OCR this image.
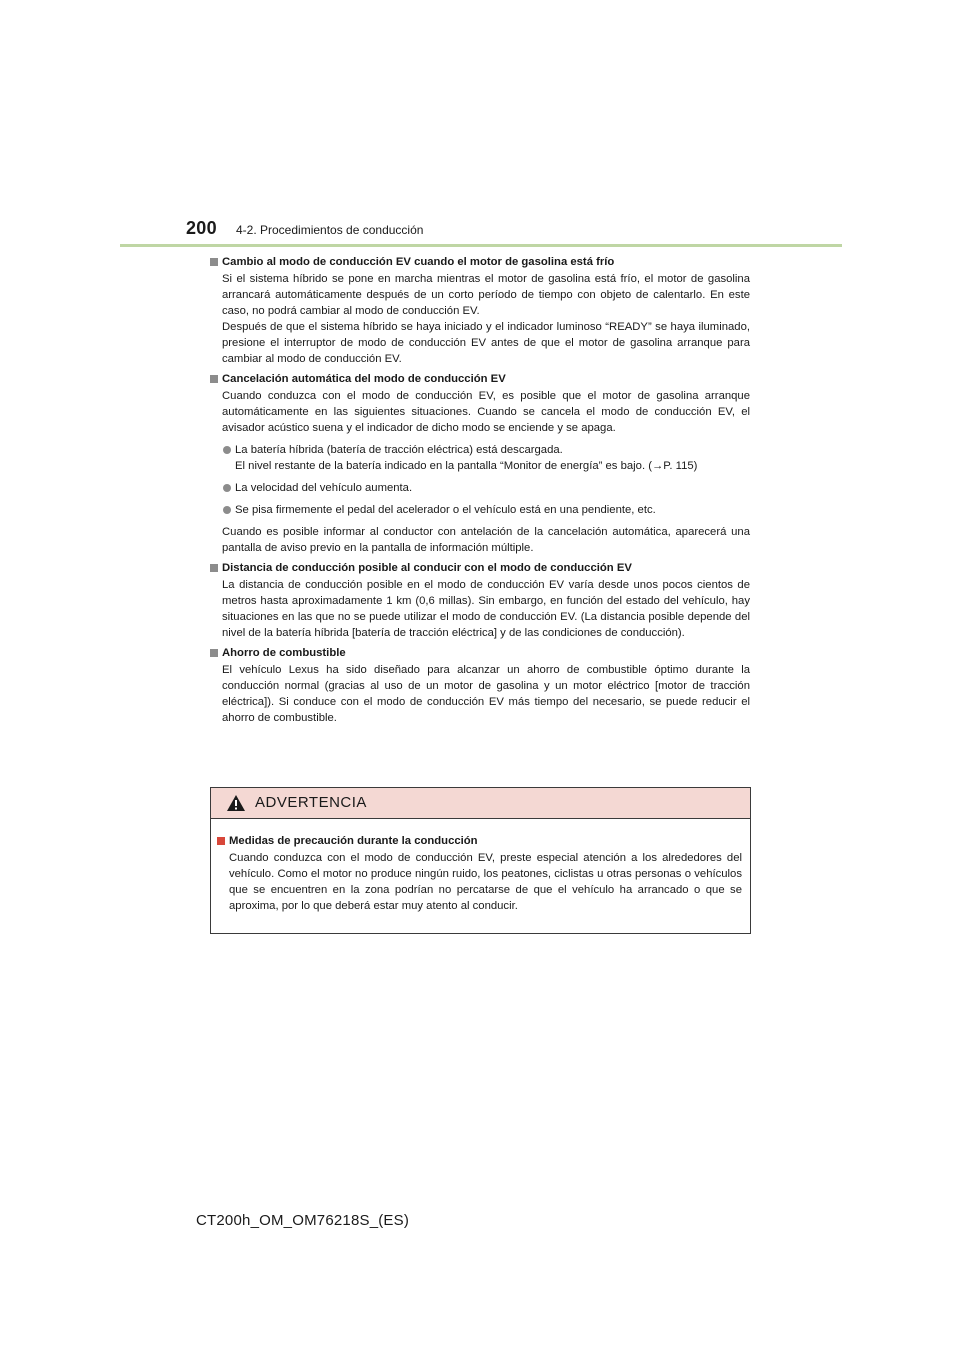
200 4-2. Procedimientos de conducción
Cambio al modo de conducción EV cuando el motor de gasolina está frío
Si el sistema híbrido se pone en marcha mientras el motor de gasolina está frío, el motor de gasolina arrancará automáticamente después de un corto período de tiempo con objeto de calentarlo. En este caso, no podrá cambiar al modo de conducción EV.
Después de que el sistema híbrido se haya iniciado y el indicador luminoso “READY” se haya iluminado, presione el interruptor de modo de conducción EV antes de que el motor de gasolina arranque para cambiar al modo de conducción EV.
Cancelación automática del modo de conducción EV
Cuando conduzca con el modo de conducción EV, es posible que el motor de gasolina arranque automáticamente en las siguientes situaciones. Cuando se cancela el modo de conducción EV, el avisador acústico suena y el indicador de dicho modo se enciende y se apaga.
La batería híbrida (batería de tracción eléctrica) está descargada.
El nivel restante de la batería indicado en la pantalla “Monitor de energía” es bajo. (→P. 115)
La velocidad del vehículo aumenta.
Se pisa firmemente el pedal del acelerador o el vehículo está en una pendiente, etc.
Cuando es posible informar al conductor con antelación de la cancelación automática, aparecerá una pantalla de aviso previo en la pantalla de información múltiple.
Distancia de conducción posible al conducir con el modo de conducción EV
La distancia de conducción posible en el modo de conducción EV varía desde unos pocos cientos de metros hasta aproximadamente 1 km (0,6 millas). Sin embargo, en función del estado del vehículo, hay situaciones en las que no se puede utilizar el modo de conducción EV. (La distancia posible depende del nivel de la batería híbrida [batería de tracción eléctrica] y de las condiciones de conducción).
Ahorro de combustible
El vehículo Lexus ha sido diseñado para alcanzar un ahorro de combustible óptimo durante la conducción normal (gracias al uso de un motor de gasolina y un motor eléctrico [motor de tracción eléctrica]). Si conduce con el modo de conducción EV más tiempo del necesario, se puede reducir el ahorro de combustible.
ADVERTENCIA
Medidas de precaución durante la conducción
Cuando conduzca con el modo de conducción EV, preste especial atención a los alrededores del vehículo. Como el motor no produce ningún ruido, los peatones, ciclistas u otras personas o vehículos que se encuentren en la zona podrían no percatarse de que el vehículo ha arrancado o que se aproxima, por lo que deberá estar muy atento al conducir.
CT200h_OM_OM76218S_(ES)
